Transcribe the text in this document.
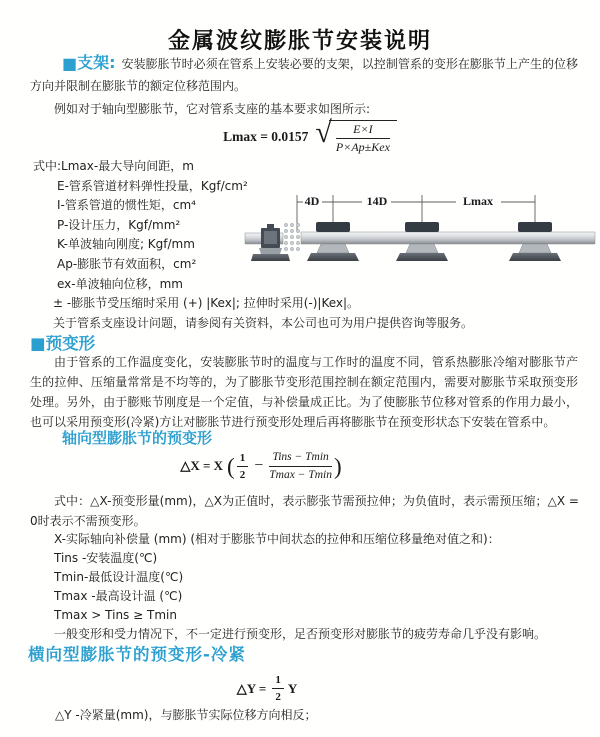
金属波纹膨胀节安装说明

■支架: 安装膨胀节时必须在管系上安装必要的支架，以控制管系的变形在膨胀节上产生的位移方向并限制在膨胀节的额定位移范围内。

例如对于轴向型膨胀节，它对管系支座的基本要求如图所示:

Lmax = 0.0157 √
$\frac{E\times I}{\text{P×Ap±Kex}}$
式中:Lmax-最大导向间距，m
E-管系管道材料弹性投量，Kgf/cm²
I-管系管道的惯性矩，cm⁴
P-设计压力，Kgf/mm²
K-单波轴向刚度; Kgf/mm
Ap-膨胀节有效面积，cm²
ex-单波轴向位移，mm
± -膨胀节受压缩时采用 (+) |Kex|; 拉伸时采用(-)|Kex|。
关于管系支座设计问题，请参阅有关资料，本公司也可为用户提供咨询等服务。
4D	14D	Lmax
■预变形

由于管系的工作温度变化，安装膨胀节时的温度与工作时的温度不同，管系热膨胀冷缩对膨胀节产生的拉伸、压缩量常常是不均等的，为了膨胀节变形范围控制在额定范围内，需要对膨胀节采取预变形处理。另外，由于膨账节刚度是一个定值，与补偿量成正比。为了使膨胀节位移对管系的作用力最小，也可以采用预变形(冷紧)方让对膨胀节进行预变形处理后再将膨胀节在预变形状态下安装在管系中。

轴向型膨胀节的预变形
△X = X ( $\frac{1}{2} - \frac{\text{Tins − Tmin}}{Tmax - Tmin}$ )

式中：△X-预变形量(mm)，△X为正值时，表示膨张节需预拉伸；为负值时，表示需预压缩；△X = 0时表示不需预变形。

X-实际轴向补偿量 (mm) (相对于膨胀节中间状态的拉伸和压缩位移量绝对值之和)：
Tins -安装温度(℃)
Tmin-最低设计温度(℃)
Tmax -最高设计温 (℃)
Tmax > Tins ≥ Tmin
一般变形和受力情况下，不一定进行预变形，足否预变形对膨胀节的疲劳寿命几乎没有影响。
横向型膨胀节的预变形-冷紧
△Y = $\frac{1}{2}$ Y

△Y -冷紧量(mm)，与膨胀节实际位移方向相反；
